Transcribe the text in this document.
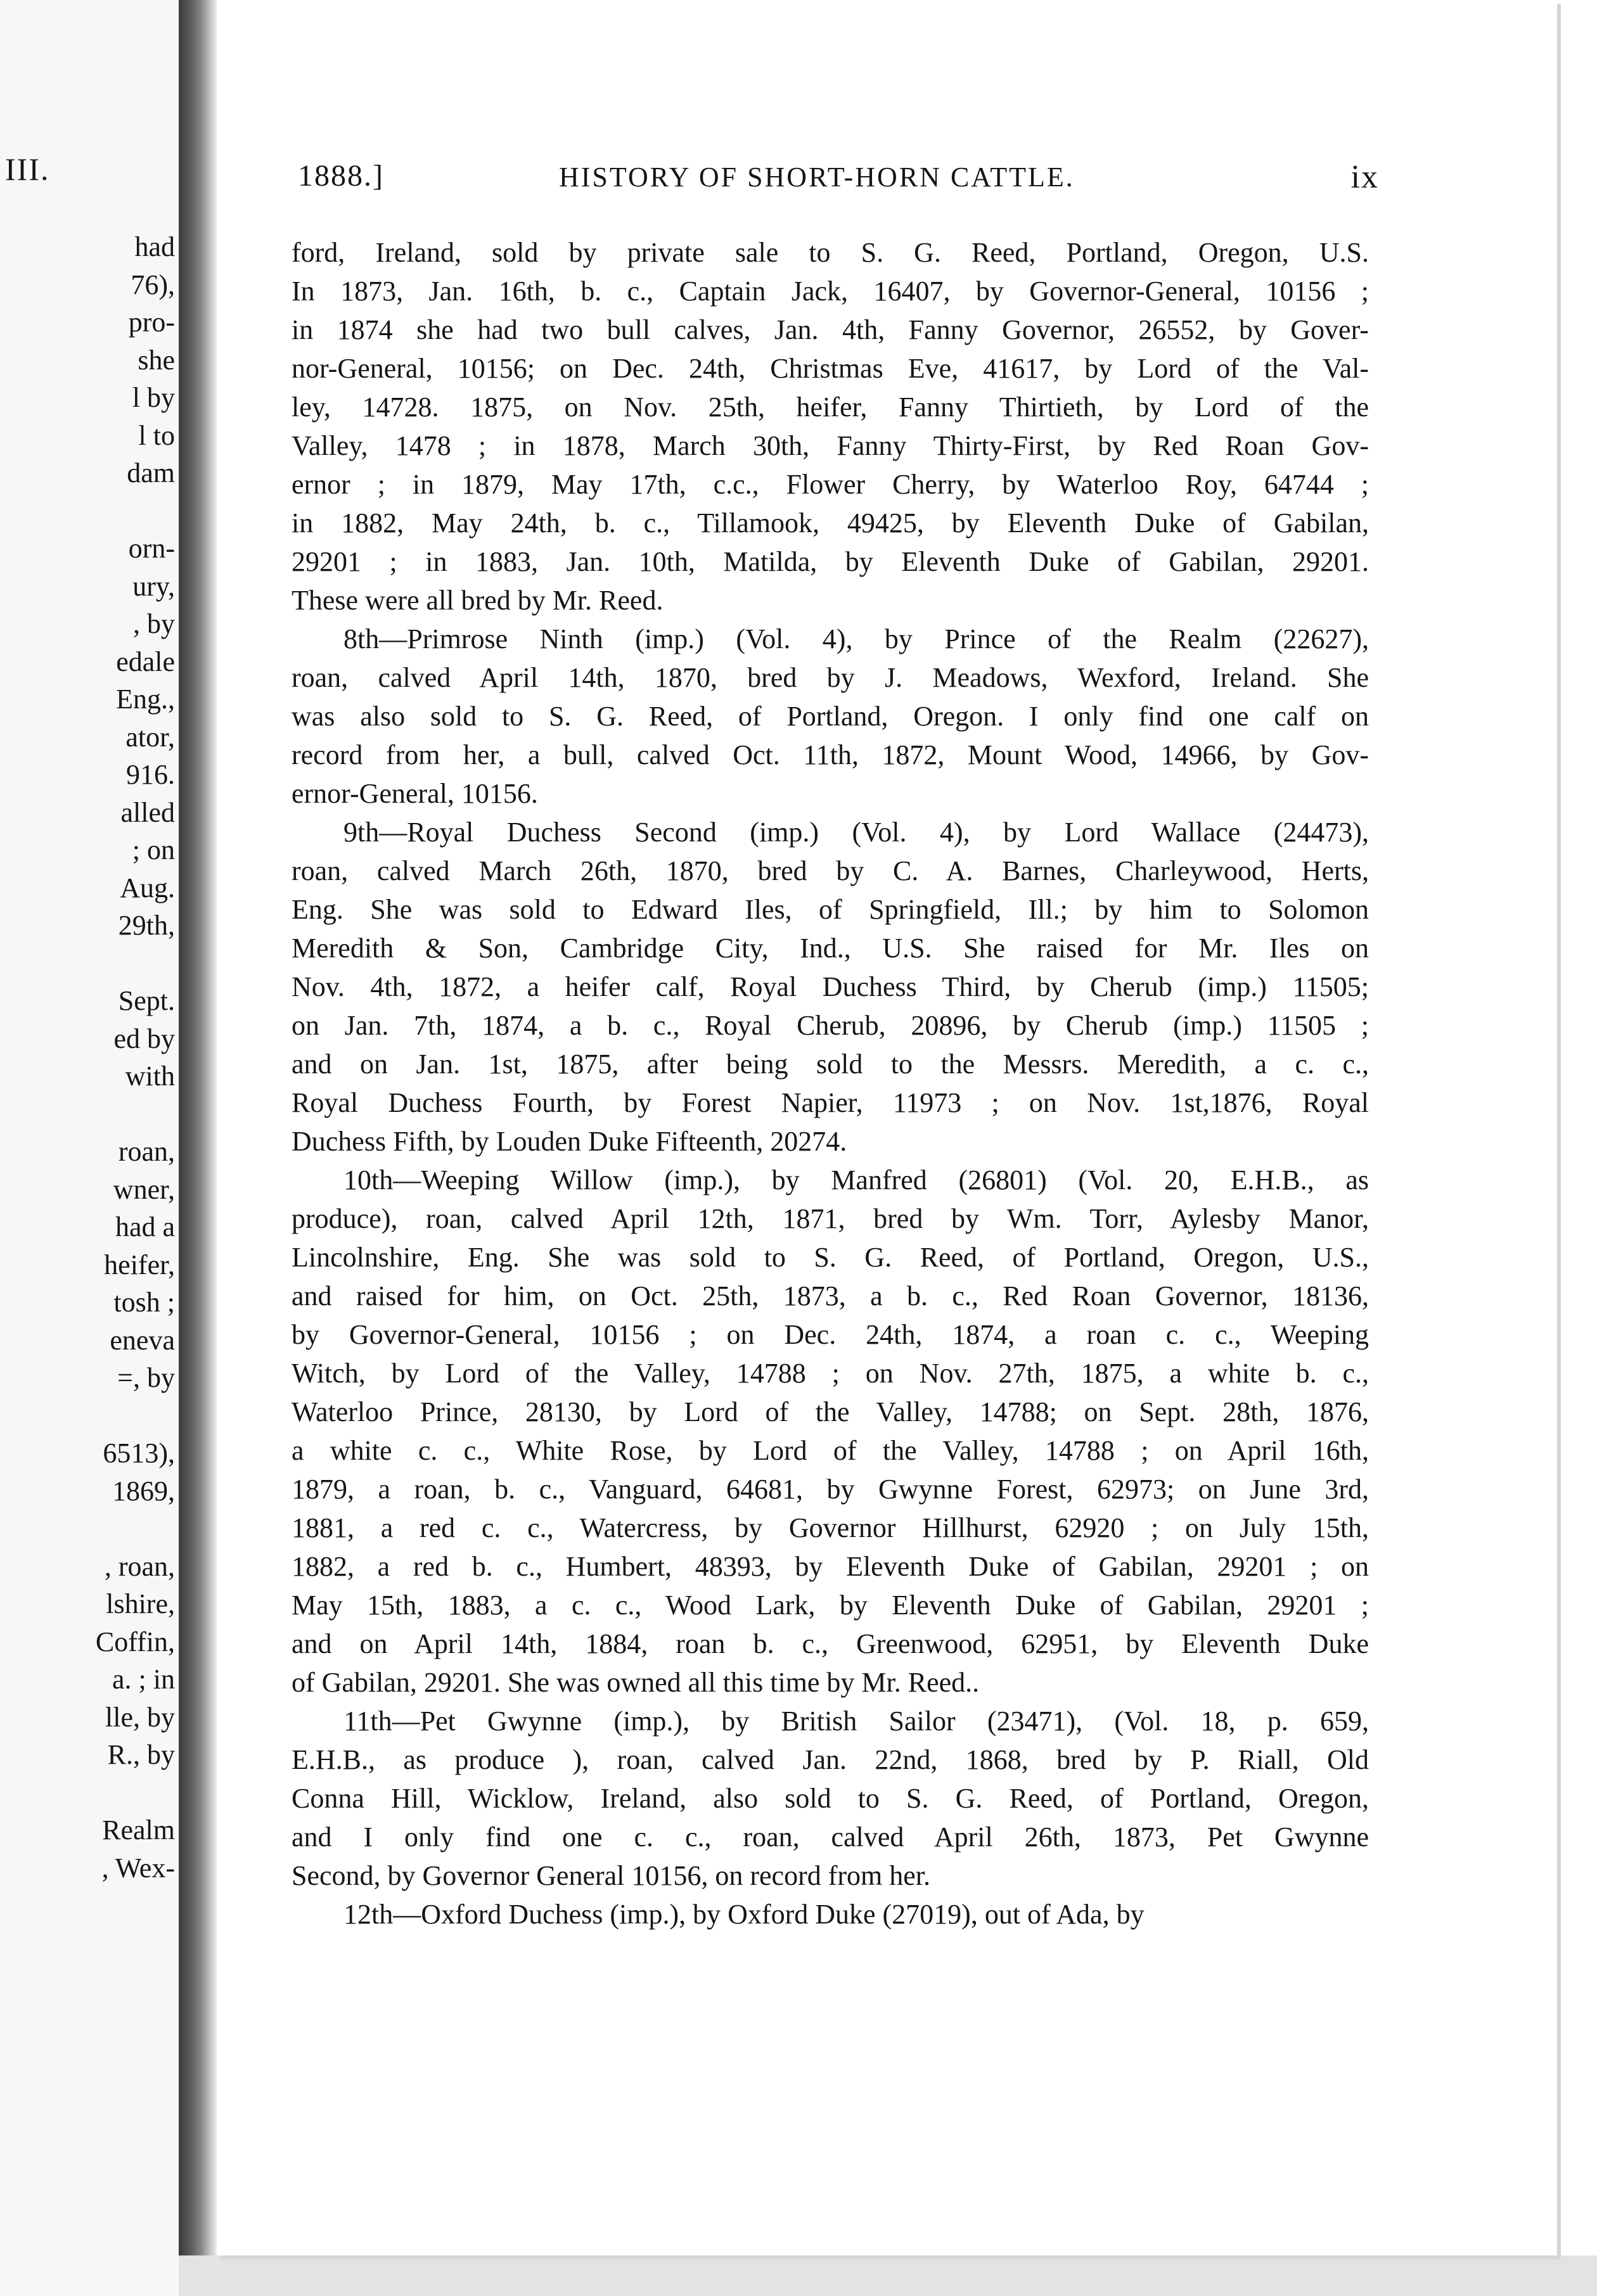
III.
had
76),
pro-
she
l by
l to
dam
orn-
ury,
, by
edale
Eng.,
ator,
916.
alled
; on
Aug.
29th,
Sept.
ed by
with
roan,
wner,
had a
heifer,
tosh ;
eneva
=, by
6513),
1869,
, roan,
lshire,
Coffin,
a. ; in
lle, by
R., by
Realm
, Wex-
1888.]	HISTORY OF SHORT-HORN CATTLE.	ix
ford, Ireland, sold by private sale to S. G. Reed, Portland, Oregon, U.S.
In 1873, Jan. 16th, b. c., Captain Jack, 16407, by Governor-General, 10156 ;
in 1874 she had two bull calves, Jan. 4th, Fanny Governor, 26552, by Gover-
nor-General, 10156; on Dec. 24th, Christmas Eve, 41617, by Lord of the Val-
ley, 14728. 1875, on Nov. 25th, heifer, Fanny Thirtieth, by Lord of the
Valley, 1478 ; in 1878, March 30th, Fanny Thirty-First, by Red Roan Gov-
ernor ; in 1879, May 17th, c.c., Flower Cherry, by Waterloo Roy, 64744 ;
in 1882, May 24th, b. c., Tillamook, 49425, by Eleventh Duke of Gabilan,
29201 ; in 1883, Jan. 10th, Matilda, by Eleventh Duke of Gabilan, 29201.
These were all bred by Mr. Reed.
8th—Primrose Ninth (imp.) (Vol. 4), by Prince of the Realm (22627),
roan, calved April 14th, 1870, bred by J. Meadows, Wexford, Ireland. She
was also sold to S. G. Reed, of Portland, Oregon. I only find one calf on
record from her, a bull, calved Oct. 11th, 1872, Mount Wood, 14966, by Gov-
ernor-General, 10156.
9th—Royal Duchess Second (imp.) (Vol. 4), by Lord Wallace (24473),
roan, calved March 26th, 1870, bred by C. A. Barnes, Charleywood, Herts,
Eng. She was sold to Edward Iles, of Springfield, Ill.; by him to Solomon
Meredith & Son, Cambridge City, Ind., U.S. She raised for Mr. Iles on
Nov. 4th, 1872, a heifer calf, Royal Duchess Third, by Cherub (imp.) 11505;
on Jan. 7th, 1874, a b. c., Royal Cherub, 20896, by Cherub (imp.) 11505 ;
and on Jan. 1st, 1875, after being sold to the Messrs. Meredith, a c. c.,
Royal Duchess Fourth, by Forest Napier, 11973 ; on Nov. 1st,1876, Royal
Duchess Fifth, by Louden Duke Fifteenth, 20274.
10th—Weeping Willow (imp.), by Manfred (26801) (Vol. 20, E.H.B., as
produce), roan, calved April 12th, 1871, bred by Wm. Torr, Aylesby Manor,
Lincolnshire, Eng. She was sold to S. G. Reed, of Portland, Oregon, U.S.,
and raised for him, on Oct. 25th, 1873, a b. c., Red Roan Governor, 18136,
by Governor-General, 10156 ; on Dec. 24th, 1874, a roan c. c., Weeping
Witch, by Lord of the Valley, 14788 ; on Nov. 27th, 1875, a white b. c.,
Waterloo Prince, 28130, by Lord of the Valley, 14788; on Sept. 28th, 1876,
a white c. c., White Rose, by Lord of the Valley, 14788 ; on April 16th,
1879, a roan, b. c., Vanguard, 64681, by Gwynne Forest, 62973; on June 3rd,
1881, a red c. c., Watercress, by Governor Hillhurst, 62920 ; on July 15th,
1882, a red b. c., Humbert, 48393, by Eleventh Duke of Gabilan, 29201 ; on
May 15th, 1883, a c. c., Wood Lark, by Eleventh Duke of Gabilan, 29201 ;
and on April 14th, 1884, roan b. c., Greenwood, 62951, by Eleventh Duke
of Gabilan, 29201. She was owned all this time by Mr. Reed..
11th—Pet Gwynne (imp.), by British Sailor (23471), (Vol. 18, p. 659,
E.H.B., as produce ), roan, calved Jan. 22nd, 1868, bred by P. Riall, Old
Conna Hill, Wicklow, Ireland, also sold to S. G. Reed, of Portland, Oregon,
and I only find one c. c., roan, calved April 26th, 1873, Pet Gwynne
Second, by Governor General 10156, on record from her.
12th—Oxford Duchess (imp.), by Oxford Duke (27019), out of Ada, by
